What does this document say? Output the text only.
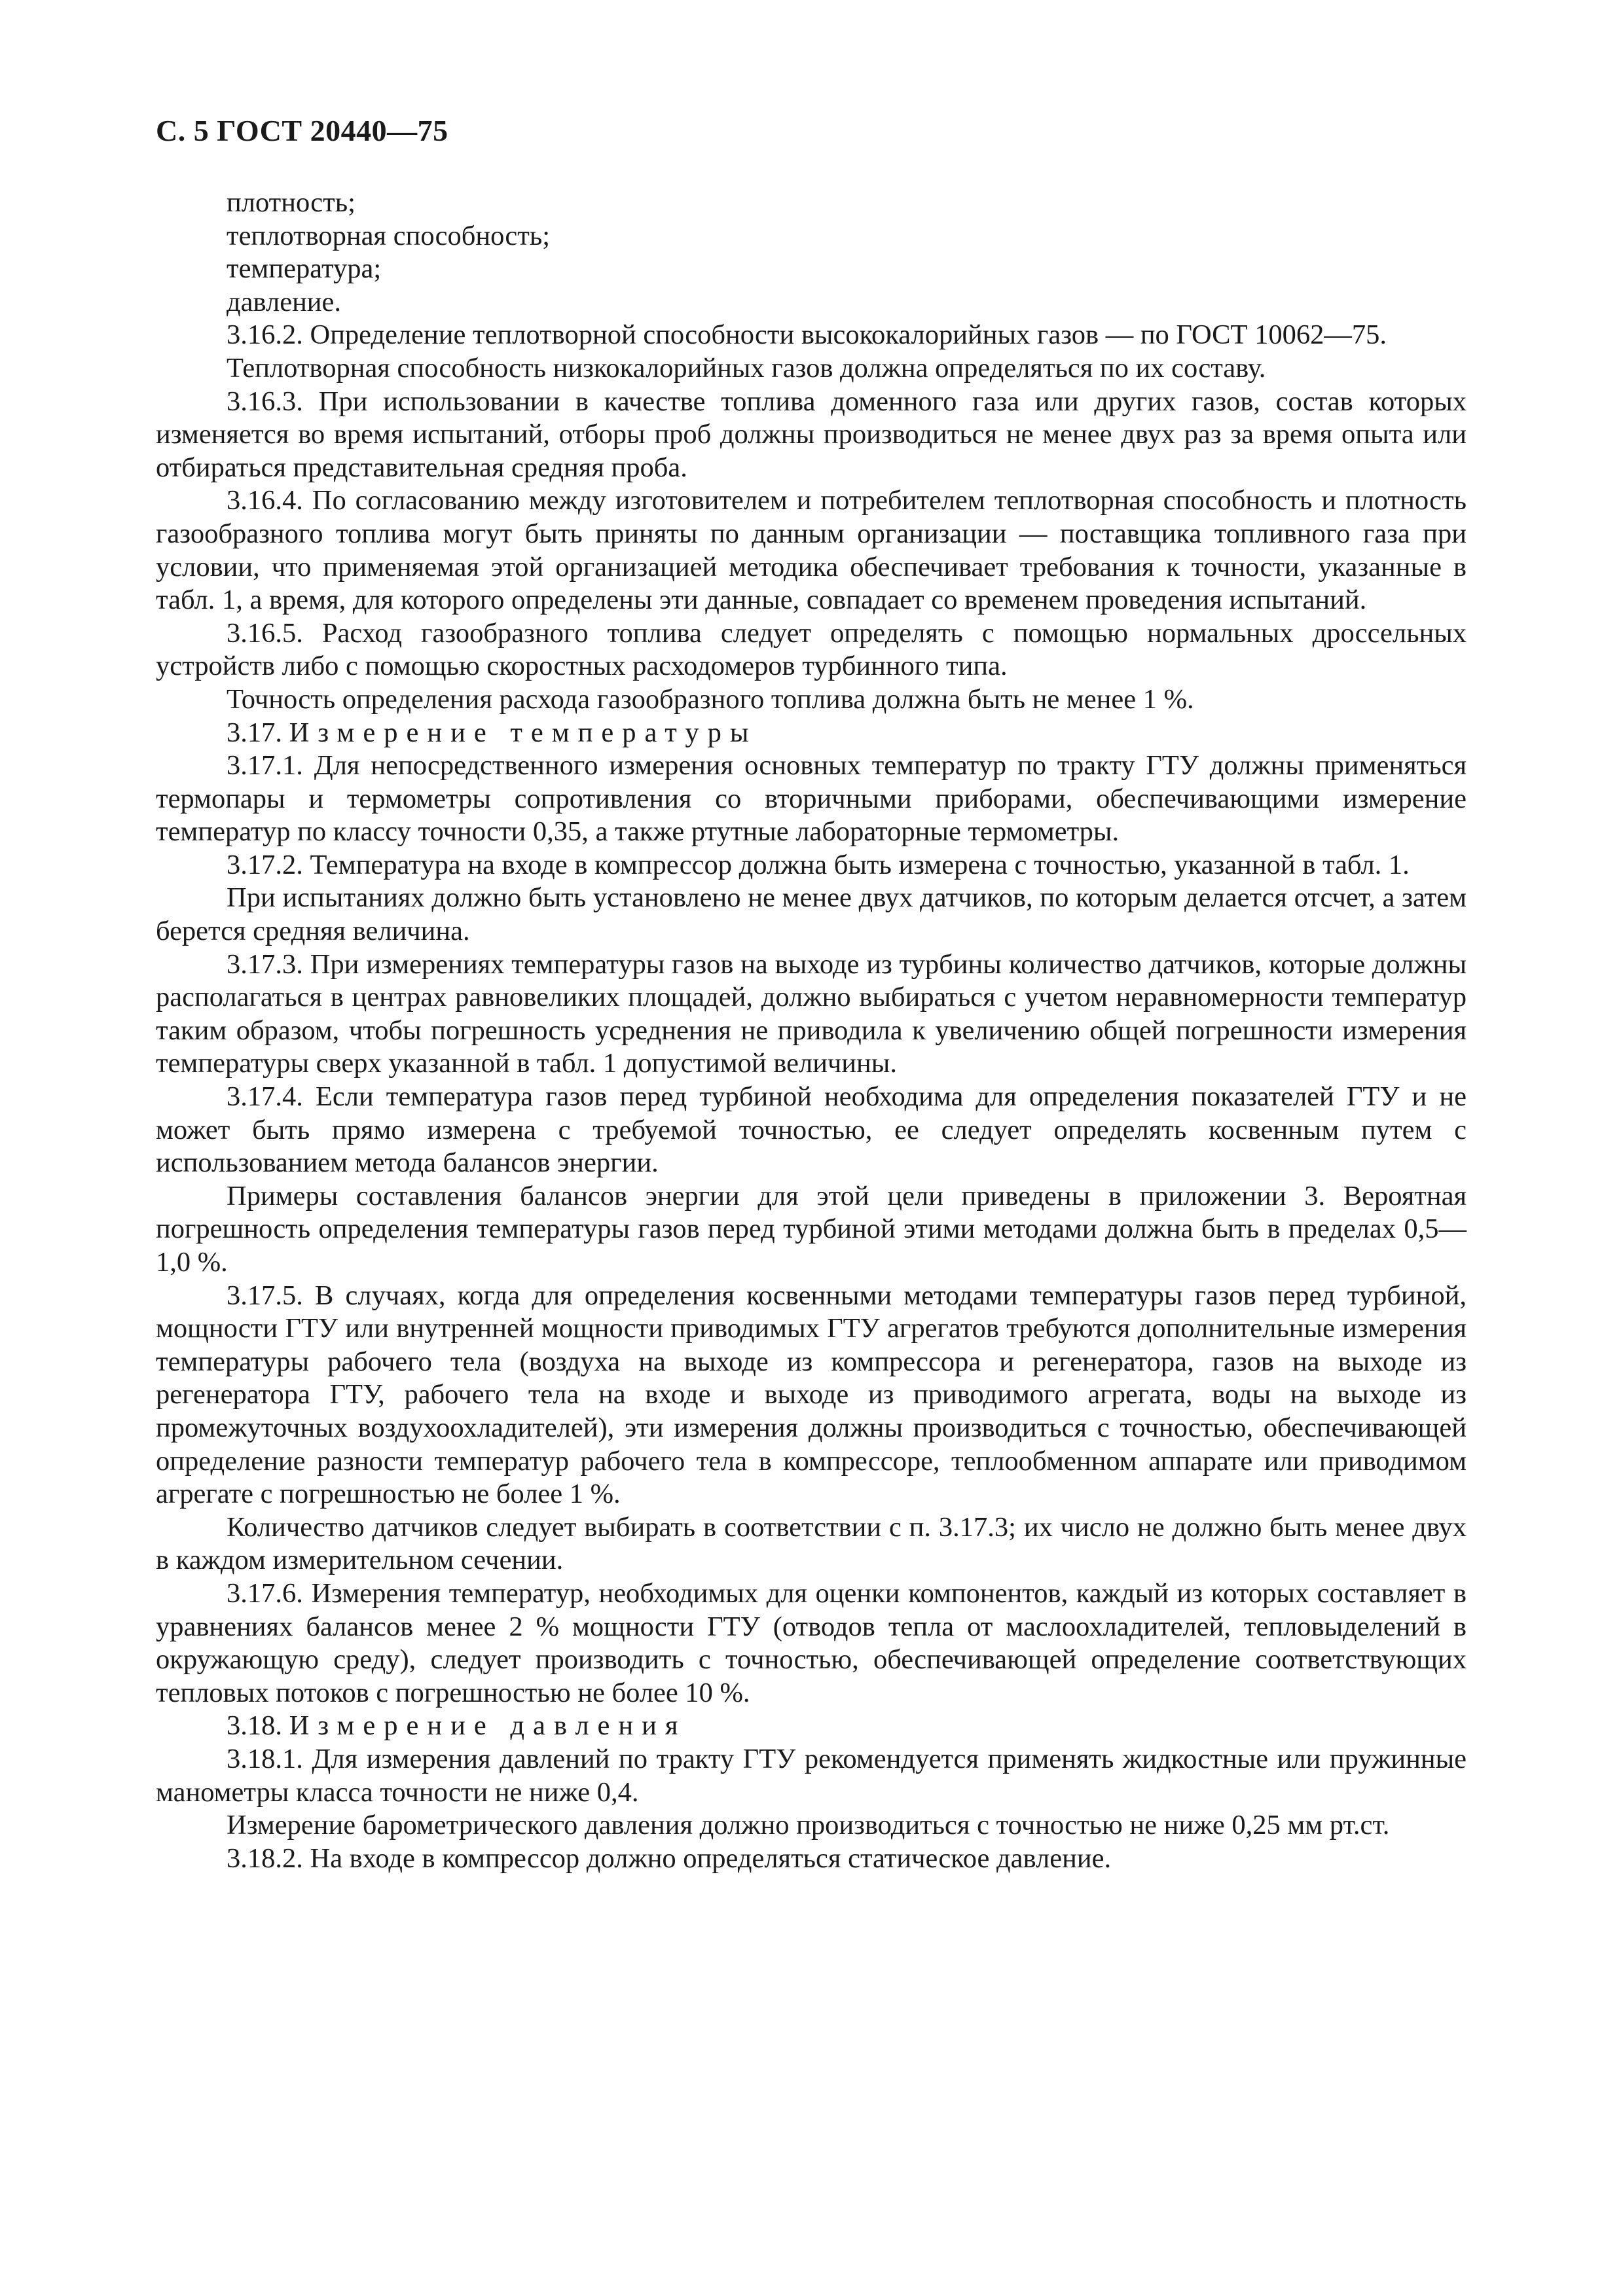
С. 5 ГОСТ 20440—75

плотность;

теплотворная способность;

температура;

давление.

3.16.2. Определение теплотворной способности высококалорийных газов — по ГОСТ 10062—75.

Теплотворная способность низкокалорийных газов должна определяться по их составу.

3.16.3. При использовании в качестве топлива доменного газа или других газов, состав которых изменяется во время испытаний, отборы проб должны производиться не менее двух раз за время опыта или отбираться представительная средняя проба.

3.16.4. По согласованию между изготовителем и потребителем теплотворная способность и плотность газообразного топлива могут быть приняты по данным организации — поставщика топливного газа при условии, что применяемая этой организацией методика обеспечивает требования к точности, указанные в табл. 1, а время, для которого определены эти данные, совпадает со временем проведения испытаний.

3.16.5. Расход газообразного топлива следует определять с помощью нормальных дроссельных устройств либо с помощью скоростных расходомеров турбинного типа.

Точность определения расхода газообразного топлива должна быть не менее 1 %.

3.17. Измерение температуры

3.17.1. Для непосредственного измерения основных температур по тракту ГТУ должны применяться термопары и термометры сопротивления со вторичными приборами, обеспечивающими измерение температур по классу точности 0,35, а также ртутные лабораторные термометры.

3.17.2. Температура на входе в компрессор должна быть измерена с точностью, указанной в табл. 1.

При испытаниях должно быть установлено не менее двух датчиков, по которым делается отсчет, а затем берется средняя величина.

3.17.3. При измерениях температуры газов на выходе из турбины количество датчиков, которые должны располагаться в центрах равновеликих площадей, должно выбираться с учетом неравномерности температур таким образом, чтобы погрешность усреднения не приводила к увеличению общей погрешности измерения температуры сверх указанной в табл. 1 допустимой величины.

3.17.4. Если температура газов перед турбиной необходима для определения показателей ГТУ и не может быть прямо измерена с требуемой точностью, ее следует определять косвенным путем с использованием метода балансов энергии.

Примеры составления балансов энергии для этой цели приведены в приложении 3. Вероятная погрешность определения температуры газов перед турбиной этими методами должна быть в пределах 0,5—1,0 %.

3.17.5. В случаях, когда для определения косвенными методами температуры газов перед турбиной, мощности ГТУ или внутренней мощности приводимых ГТУ агрегатов требуются дополнительные измерения температуры рабочего тела (воздуха на выходе из компрессора и регенератора, газов на выходе из регенератора ГТУ, рабочего тела на входе и выходе из приводимого агрегата, воды на выходе из промежуточных воздухоохладителей), эти измерения должны производиться с точностью, обеспечивающей определение разности температур рабочего тела в компрессоре, теплообменном аппарате или приводимом агрегате с погрешностью не более 1 %.

Количество датчиков следует выбирать в соответствии с п. 3.17.3; их число не должно быть менее двух в каждом измерительном сечении.

3.17.6. Измерения температур, необходимых для оценки компонентов, каждый из которых составляет в уравнениях балансов менее 2 % мощности ГТУ (отводов тепла от маслоохладителей, тепловыделений в окружающую среду), следует производить с точностью, обеспечивающей определение соответствующих тепловых потоков с погрешностью не более 10 %.

3.18. Измерение давления

3.18.1. Для измерения давлений по тракту ГТУ рекомендуется применять жидкостные или пружинные манометры класса точности не ниже 0,4.

Измерение барометрического давления должно производиться с точностью не ниже 0,25 мм рт.ст.

3.18.2. На входе в компрессор должно определяться статическое давление.
